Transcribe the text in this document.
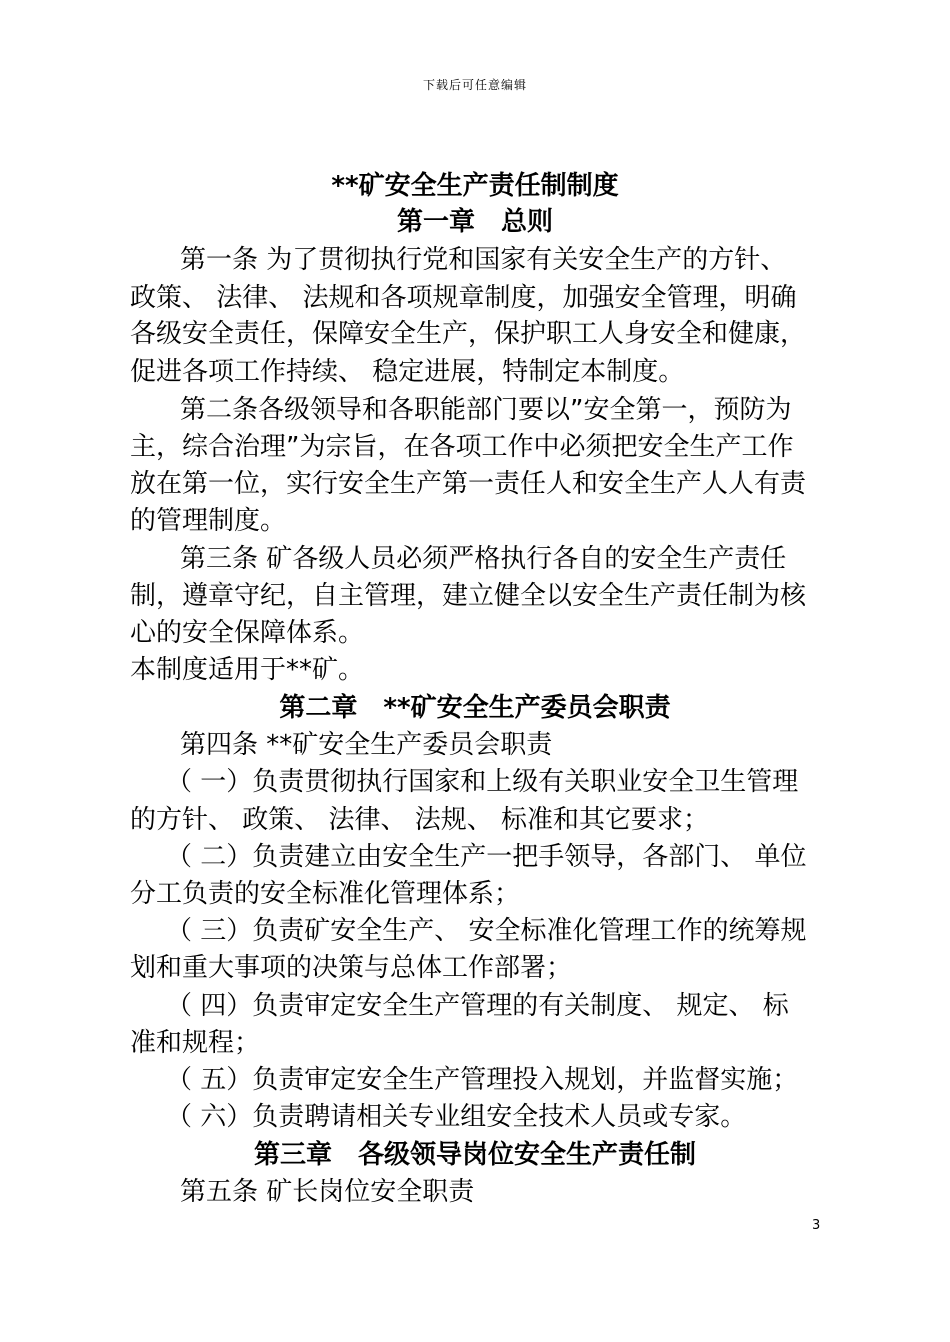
下载后可任意编辑
**矿安全生产责任制制度
第一章　总则
第一条 为了贯彻执行党和国家有关安全生产的方针、
政策、 法律、 法规和各项规章制度，加强安全管理，明确
各级安全责任，保障安全生产，保护职工人身安全和健康，
促进各项工作持续、 稳定进展，特制定本制度。
第二条各级领导和各职能部门要以”安全第一，预防为
主，综合治理”为宗旨，在各项工作中必须把安全生产工作
放在第一位，实行安全生产第一责任人和安全生产人人有责
的管理制度。
第三条 矿各级人员必须严格执行各自的安全生产责任
制，遵章守纪，自主管理，建立健全以安全生产责任制为核
心的安全保障体系。
本制度适用于**矿。
第二章　**矿安全生产委员会职责
第四条 **矿安全生产委员会职责
（ 一）负责贯彻执行国家和上级有关职业安全卫生管理
的方针、 政策、 法律、 法规、 标准和其它要求；
（ 二）负责建立由安全生产一把手领导，各部门、 单位
分工负责的安全标准化管理体系；
（ 三）负责矿安全生产、 安全标准化管理工作的统筹规
划和重大事项的决策与总体工作部署；
（ 四）负责审定安全生产管理的有关制度、 规定、 标
准和规程；
（ 五）负责审定安全生产管理投入规划，并监督实施；
（ 六）负责聘请相关专业组安全技术人员或专家。
第三章　各级领导岗位安全生产责任制
第五条 矿长岗位安全职责
3
